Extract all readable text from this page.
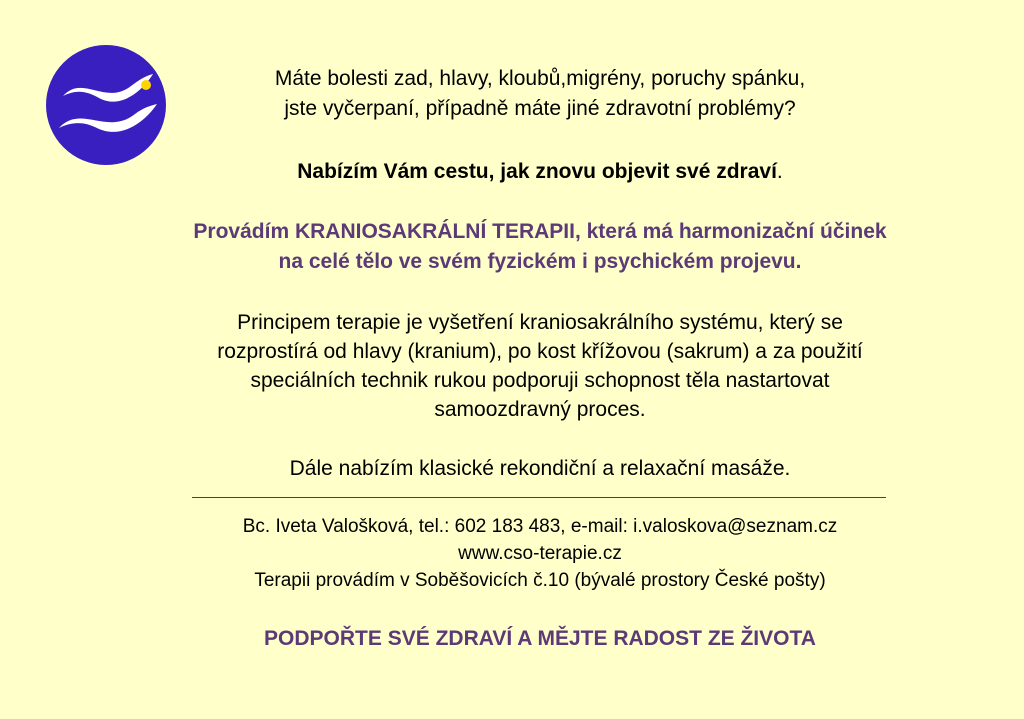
Máte bolesti zad, hlavy, kloubů,migrény, poruchy spánku,

jste vyčerpaní, případně máte jiné zdravotní problémy?

Nabízím Vám cestu, jak znovu objevit své zdraví.

Provádím KRANIOSAKRÁLNÍ TERAPII, která má harmonizační účinek

na celé tělo ve svém fyzickém i psychickém projevu.

Principem terapie je vyšetření kraniosakrálního systému, který se

rozprostírá od hlavy (kranium), po kost křížovou (sakrum) a za použití

speciálních technik rukou podporuji schopnost těla nastartovat

samoozdravný proces.

Dále nabízím klasické rekondiční a relaxační masáže.

Bc. Iveta Valošková, tel.: 602 183 483, e-mail: i.valoskova@seznam.cz

www.cso-terapie.cz

Terapii provádím v Soběšovicích č.10 (bývalé prostory České pošty)

PODPOŘTE SVÉ ZDRAVÍ A MĚJTE RADOST ZE ŽIVOTA
